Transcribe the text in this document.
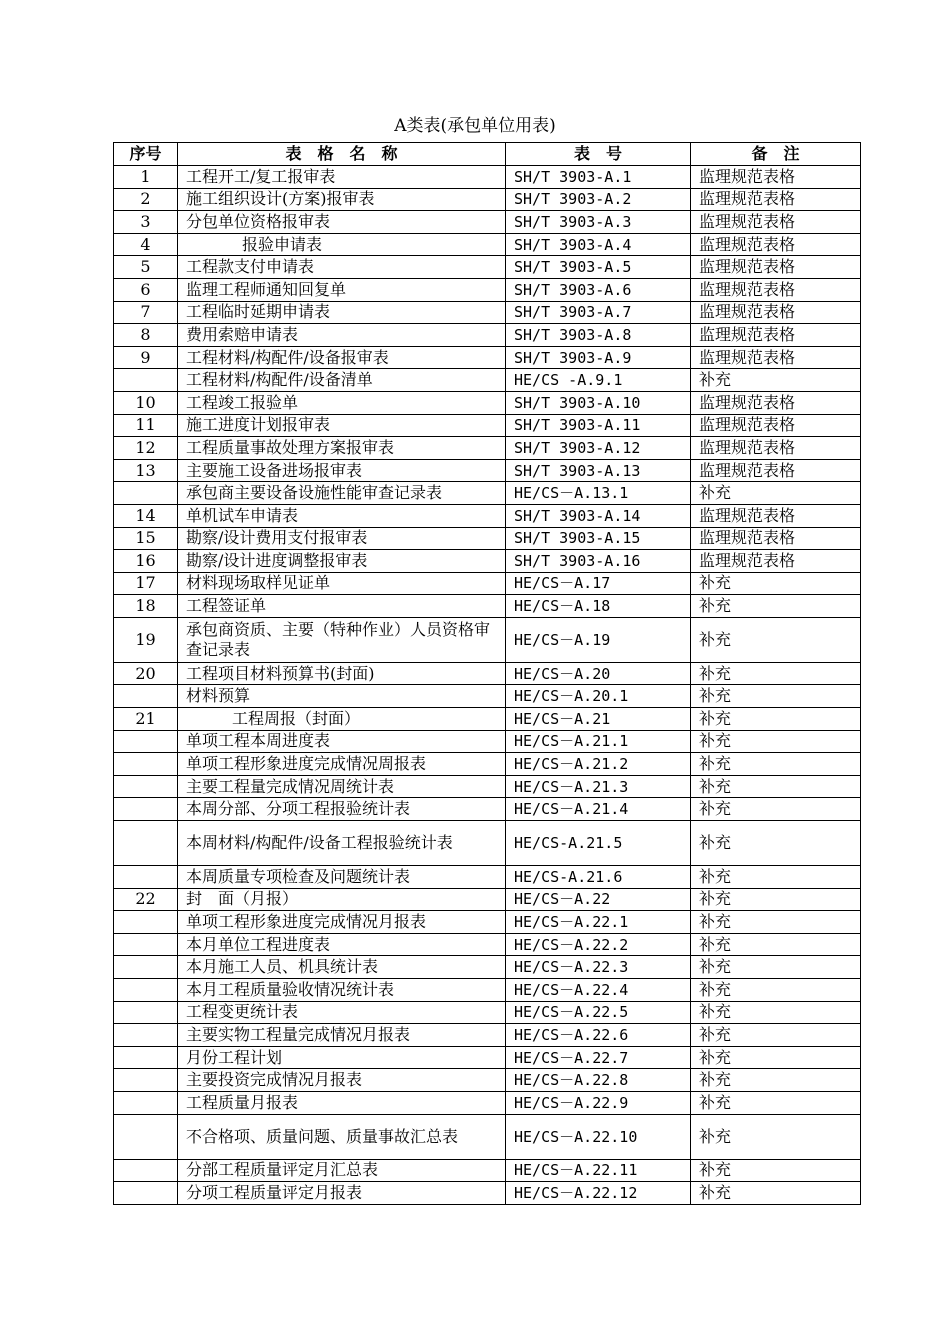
A类表(承包单位用表)
序号	表　格　名　称	表　号	备　注
1	工程开工/复工报审表	SH/T 3903-A.1	监理规范表格
2	施工组织设计(方案)报审表	SH/T 3903-A.2	监理规范表格
3	分包单位资格报审表	SH/T 3903-A.3	监理规范表格
4	报验申请表	SH/T 3903-A.4	监理规范表格
5	工程款支付申请表	SH/T 3903-A.5	监理规范表格
6	监理工程师通知回复单	SH/T 3903-A.6	监理规范表格
7	工程临时延期申请表	SH/T 3903-A.7	监理规范表格
8	费用索赔申请表	SH/T 3903-A.8	监理规范表格
9	工程材料/构配件/设备报审表	SH/T 3903-A.9	监理规范表格
	工程材料/构配件/设备清单	HE/CS -A.9.1	补充
10	工程竣工报验单	SH/T 3903-A.10	监理规范表格
11	施工进度计划报审表	SH/T 3903-A.11	监理规范表格
12	工程质量事故处理方案报审表	SH/T 3903-A.12	监理规范表格
13	主要施工设备进场报审表	SH/T 3903-A.13	监理规范表格
	承包商主要设备设施性能审查记录表	HE/CS－A.13.1	补充
14	单机试车申请表	SH/T 3903-A.14	监理规范表格
15	勘察/设计费用支付报审表	SH/T 3903-A.15	监理规范表格
16	勘察/设计进度调整报审表	SH/T 3903-A.16	监理规范表格
17	材料现场取样见证单	HE/CS－A.17	补充
18	工程签证单	HE/CS－A.18	补充
19	承包商资质、主要（特种作业）人员资格审查记录表	HE/CS－A.19	补充
20	工程项目材料预算书(封面)	HE/CS－A.20	补充
	材料预算	HE/CS－A.20.1	补充
21	工程周报（封面）	HE/CS－A.21	补充
	单项工程本周进度表	HE/CS－A.21.1	补充
	单项工程形象进度完成情况周报表	HE/CS－A.21.2	补充
	主要工程量完成情况周统计表	HE/CS－A.21.3	补充
	本周分部、分项工程报验统计表	HE/CS－A.21.4	补充
	本周材料/构配件/设备工程报验统计表	HE/CS-A.21.5	补充
	本周质量专项检查及问题统计表	HE/CS-A.21.6	补充
22	封　面（月报）	HE/CS－A.22	补充
	单项工程形象进度完成情况月报表	HE/CS－A.22.1	补充
	本月单位工程进度表	HE/CS－A.22.2	补充
	本月施工人员、机具统计表	HE/CS－A.22.3	补充
	本月工程质量验收情况统计表	HE/CS－A.22.4	补充
	工程变更统计表	HE/CS－A.22.5	补充
	主要实物工程量完成情况月报表	HE/CS－A.22.6	补充
	月份工程计划	HE/CS－A.22.7	补充
	主要投资完成情况月报表	HE/CS－A.22.8	补充
	工程质量月报表	HE/CS－A.22.9	补充
	不合格项、质量问题、质量事故汇总表	HE/CS－A.22.10	补充
	分部工程质量评定月汇总表	HE/CS－A.22.11	补充
	分项工程质量评定月报表	HE/CS－A.22.12	补充
